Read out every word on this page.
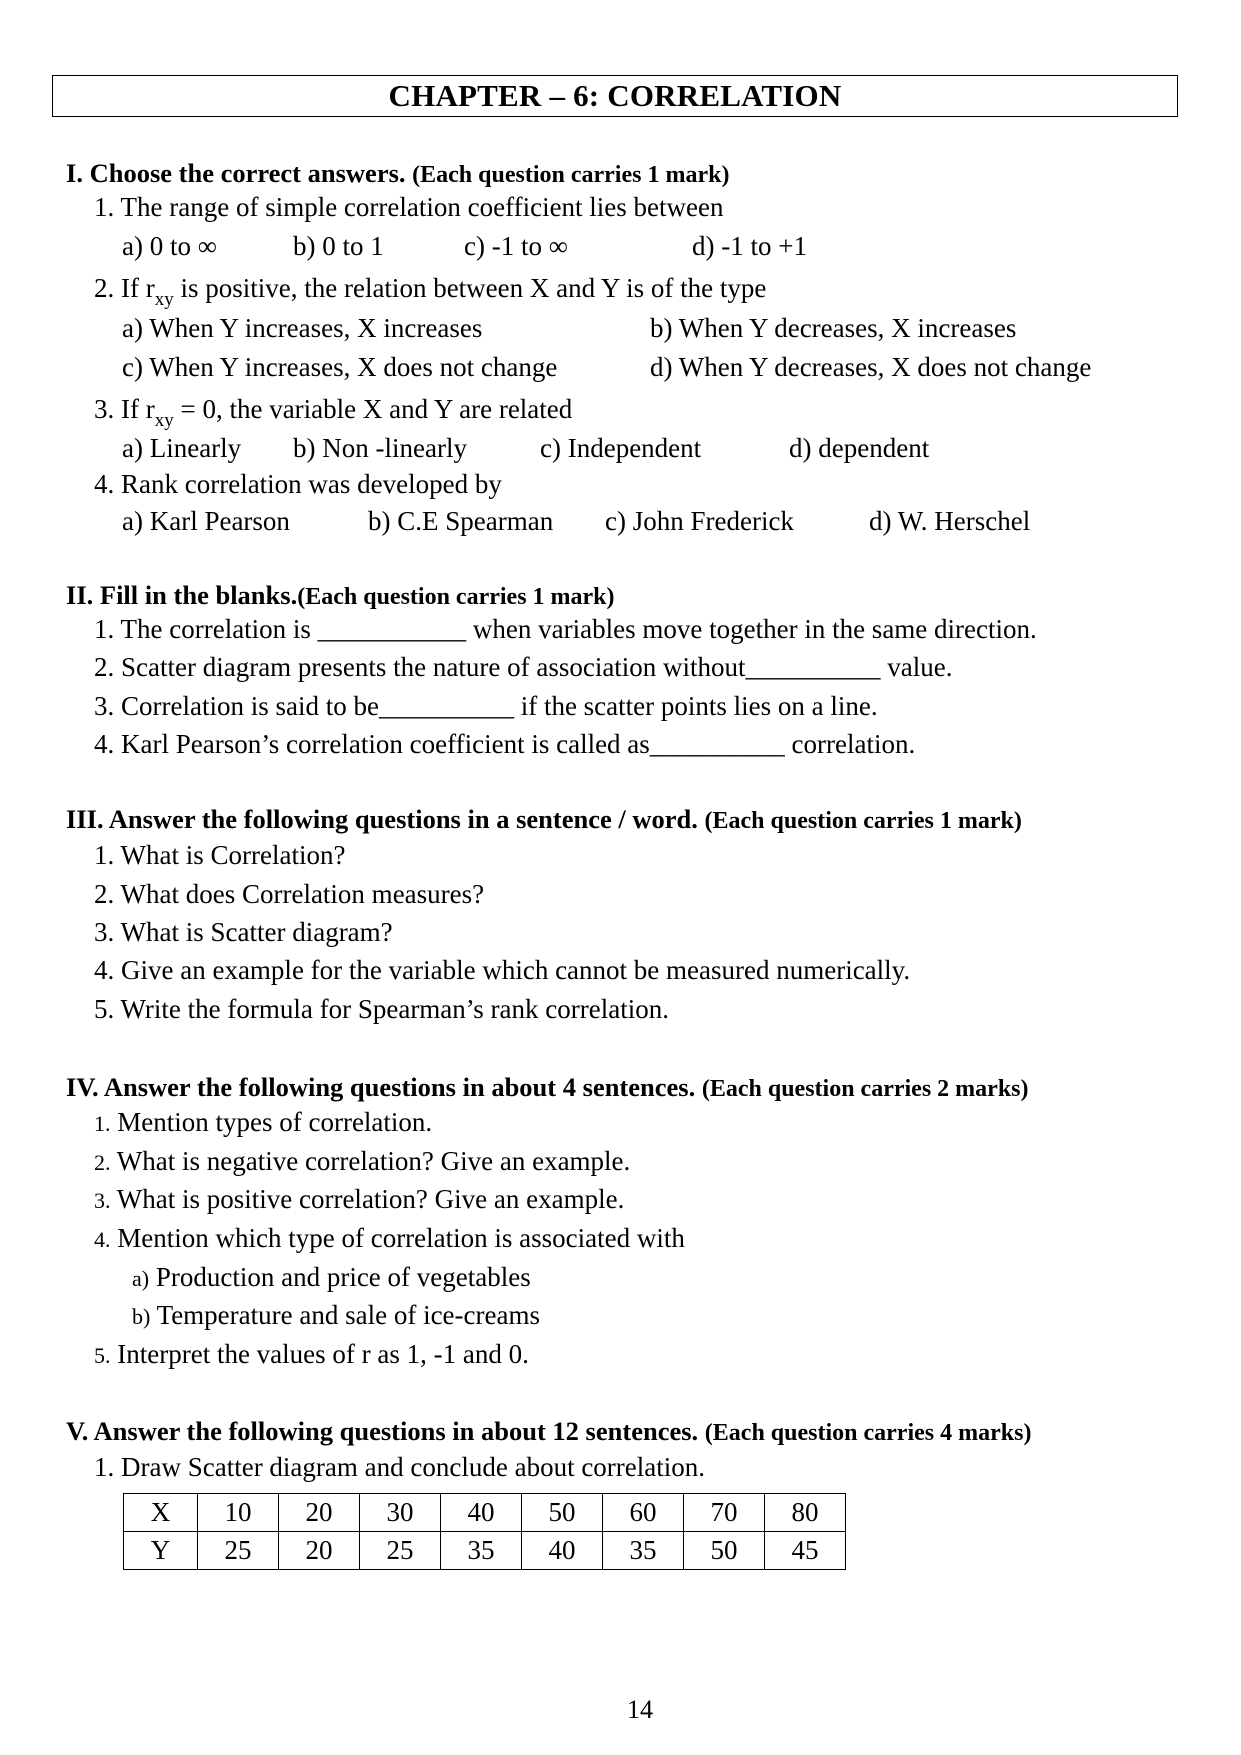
CHAPTER – 6: CORRELATION
I. Choose the correct answers. (Each question carries 1 mark)
1. The range of simple correlation coefficient lies between
a) 0 to ∞	b) 0 to 1	c) -1 to ∞	d) -1 to +1
2. If $r_{xy}$ is positive, the relation between X and Y is of the type
a) When Y increases, X increases	b) When Y decreases, X increases
c) When Y increases, X does not change	d) When Y decreases, X does not change
3. If $r_{xy} = 0$, the variable X and Y are related
a) Linearly b) Non -linearly	c) Independent	d) dependent
4. Rank correlation was developed by
a) Karl Pearson	b) C.E Spearman c) John Frederick	d) W. Herschel
II. Fill in the blanks.(Each question carries 1 mark)
1. The correlation is ___________ when variables move together in the same direction.
2. Scatter diagram presents the nature of association without__________ value.
3. Correlation is said to be__________ if the scatter points lies on a line.
4. Karl Pearson’s correlation coefficient is called as__________ correlation.
III. Answer the following questions in a sentence / word. (Each question carries 1 mark)
1. What is Correlation?
2. What does Correlation measures?
3. What is Scatter diagram?
4. Give an example for the variable which cannot be measured numerically.
5. Write the formula for Spearman’s rank correlation.
IV. Answer the following questions in about 4 sentences. (Each question carries 2 marks)
1. Mention types of correlation.
2. What is negative correlation? Give an example.
3. What is positive correlation? Give an example.
4. Mention which type of correlation is associated with
a) Production and price of vegetables
b) Temperature and sale of ice-creams
5. Interpret the values of r as 1, -1 and 0.
V. Answer the following questions in about 12 sentences. (Each question carries 4 marks)
1. Draw Scatter diagram and conclude about correlation.
X	10	20	30	40	50	60	70	80
Y	25	20	25	35	40	35	50	45
14
